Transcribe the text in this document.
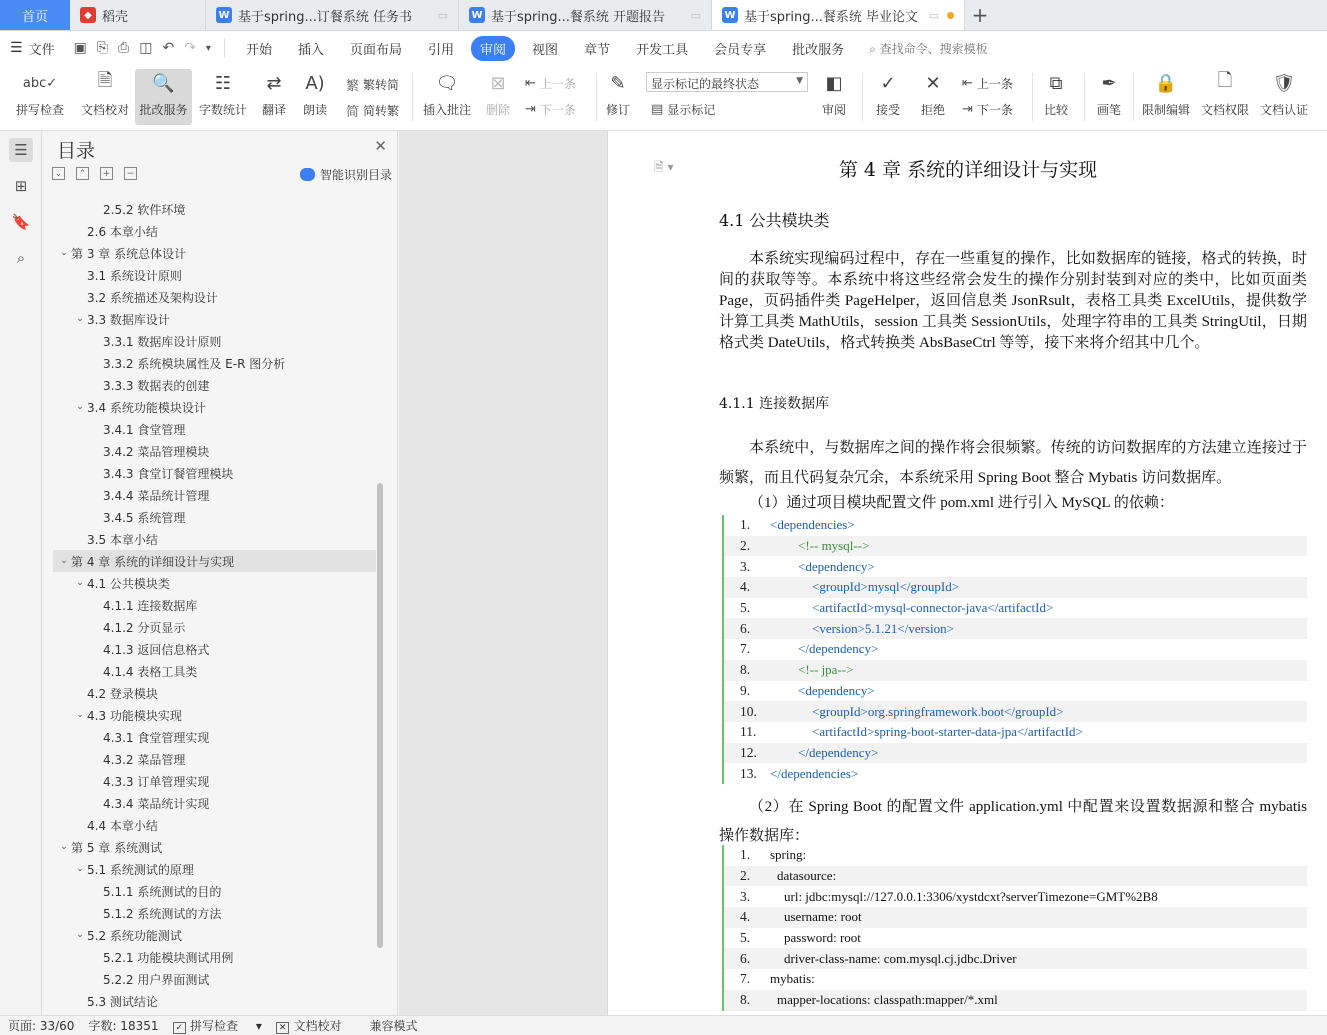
首页	◆ 稻壳	W 基于spring...订餐系统 任务书	▭ W 基于spring...餐系统 开题报告	▭ W 基于spring...餐系统 毕业论文 ▭	+
☰ 文件 ▣ ⎘ ⎙ ◫ ↶ ↷ ▾	开始	插入	页面布局	引用	审阅	视图	章节	开发工具	会员专享	批改服务	⌕ 查找命令、搜索模板
abc✓
拼写检查
🗎
文档校对
🔍
批改服务
☷
字数统计
⇄
翻译
A)
朗读
繁 繁转简
简 简转繁
🗨
插入批注
⊠
删除
⇤ 上一条
⇥ 下一条
✎
修订 ▤ 显示标记
◧
审阅
✓
接受
✕
拒绝
⇤ 上一条
⇥ 下一条
⧉
比较
✒
画笔
🔒
限制编辑
🗋
文档权限
🛡
文档认证
显示标记的最终状态	▼
☰
⊞
🔖
⌕
目录	✕
⌄	⌃	+	−	智能识别目录
2.5.2 软件环境
2.6 本章小结
⌄ 第 3 章 系统总体设计
3.1 系统设计原则
3.2 系统描述及架构设计
⌄ 3.3 数据库设计
3.3.1 数据库设计原则
3.3.2 系统模块属性及 E-R 图分析
3.3.3 数据表的创建
⌄ 3.4 系统功能模块设计
3.4.1 食堂管理
3.4.2 菜品管理模块
3.4.3 食堂订餐管理模块
3.4.4 菜品统计管理
3.4.5 系统管理
3.5 本章小结
⌄ 第 4 章 系统的详细设计与实现
⌄ 4.1 公共模块类
4.1.1 连接数据库
4.1.2 分页显示
4.1.3 返回信息格式
4.1.4 表格工具类
4.2 登录模块
⌄ 4.3 功能模块实现
4.3.1 食堂管理实现
4.3.2 菜品管理
4.3.3 订单管理实现
4.3.4 菜品统计实现
4.4 本章小结
⌄ 第 5 章 系统测试
⌄ 5.1 系统测试的原理
5.1.1 系统测试的目的
5.1.2 系统测试的方法
⌄ 5.2 系统功能测试
5.2.1 功能模块测试用例
5.2.2 用户界面测试
5.3 测试结论
🗎 ▾	第 4 章 系统的详细设计与实现
4.1 公共模块类
本系统实现编码过程中，存在一些重复的操作，比如数据库的链接，格式的转换，时间的获取等等。本系统中将这些经常会发生的操作分别封装到对应的类中，比如页面类 Page，页码插件类 PageHelper，返回信息类 JsonRsult，表格工具类 ExcelUtils，提供数学计算工具类 MathUtils，session 工具类 SessionUtils，处理字符串的工具类 StringUtil，日期格式类 DateUtils，格式转换类 AbsBaseCtrl 等等，接下来将介绍其中几个。
4.1.1 连接数据库
本系统中，与数据库之间的操作将会很频繁。传统的访问数据库的方法建立连接过于频繁，而且代码复杂冗余，本系统采用 Spring Boot 整合 Mybatis 访问数据库。
（1）通过项目模块配置文件 pom.xml 进行引入 MySQL 的依赖：
1.	<dependencies>
2.	<!-- mysql-->
3.	<dependency>
4.	<groupId>mysql</groupId>
5.	<artifactId>mysql-connector-java</artifactId>
6.	<version>5.1.21</version>
7.	</dependency>
8.	<!-- jpa-->
9.	<dependency>
10.	<groupId>org.springframework.boot</groupId>
11.	<artifactId>spring-boot-starter-data-jpa</artifactId>
12.	</dependency>
13.	</dependencies>
（2）在 Spring Boot 的配置文件 application.yml 中配置来设置数据源和整合 mybatis 操作数据库：
1.	spring:
2.	datasource:
3.	url: jdbc:mysql://127.0.0.1:3306/xystdcxt?serverTimezone=GMT%2B8
4.	username: root
5.	password: root
6.	driver-class-name: com.mysql.cj.jdbc.Driver
7.	mybatis:
8.	mapper-locations: classpath:mapper/*.xml
页面: 33/60 字数: 18351	✓ 拼写检查 ▾	✕ 文档校对	兼容模式
